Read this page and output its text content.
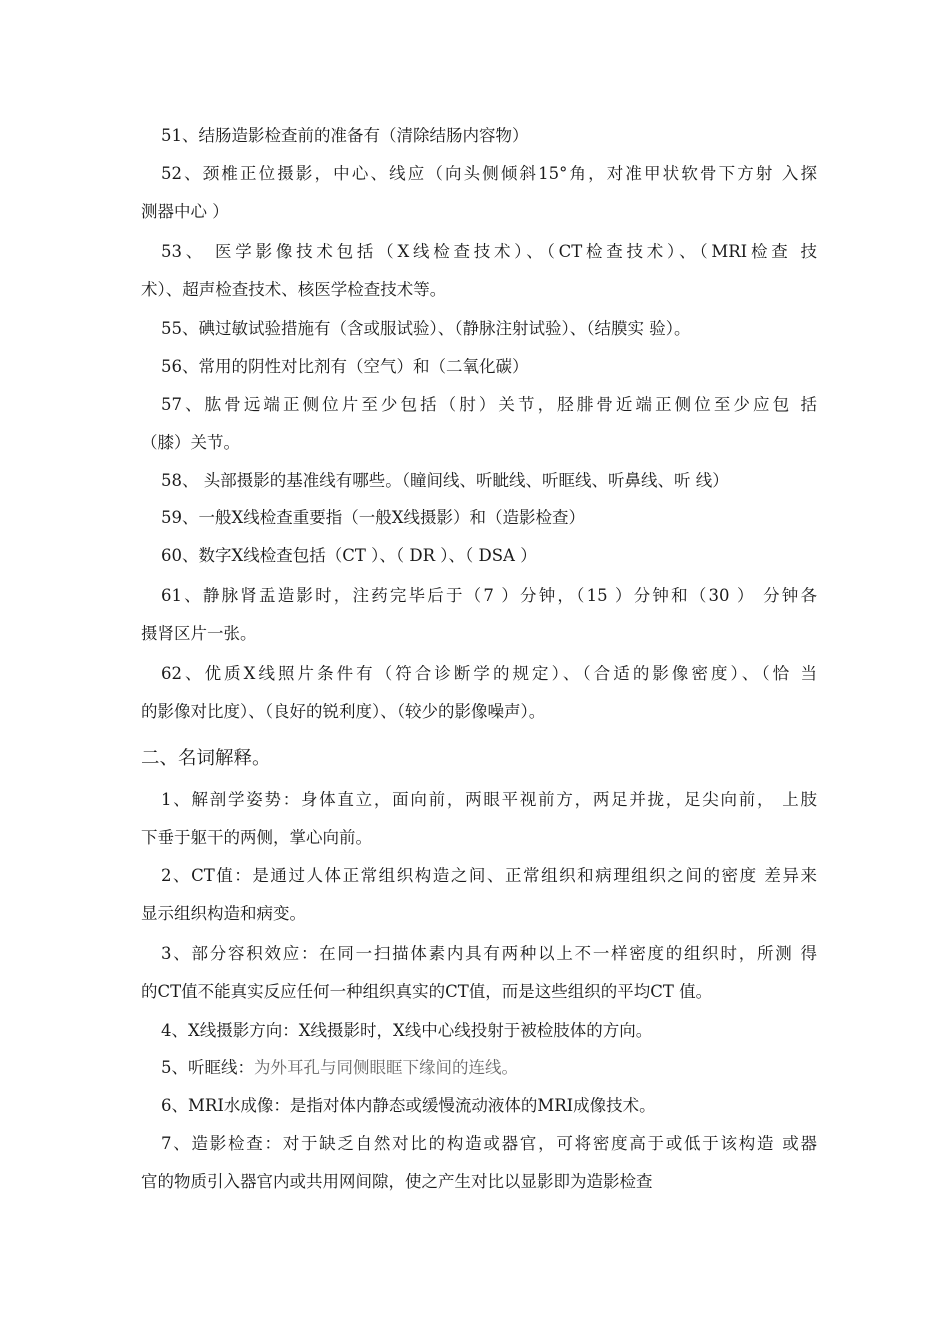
51、结肠造影检查前的准备有（清除结肠内容物）
52、颈椎正位摄影，中心、线应（向头侧倾斜15°角，对准甲状软骨下方射 入探
测器中心 ）
53、 医学影像技术包括（X线检查技术）、（CT检查技术）、（MRI检查 技
术）、超声检查技术、核医学检查技术等。
55、碘过敏试验措施有（含或服试验）、（静脉注射试验）、（结膜实 验）。
56、常用的阴性对比剂有（空气）和（二氧化碳）
57、肱骨远端正侧位片至少包括（肘）关节，胫腓骨近端正侧位至少应包 括
（膝）关节。
58、 头部摄影的基准线有哪些。（瞳间线、听眦线、听眶线、听鼻线、听 线）
59、一般X线检查重要指（一般X线摄影）和（造影检查）
60、数字X线检查包括（CT ）、（ DR ）、（ DSA ）
61、静脉肾盂造影时，注药完毕后于（7 ）分钟，（15 ）分钟和（30 ） 分钟各
摄肾区片一张。
62、优质X线照片条件有（符合诊断学的规定）、（合适的影像密度）、（恰 当
的影像对比度）、（良好的锐利度）、（较少的影像噪声）。
二、名词解释。
1、解剖学姿势：身体直立，面向前，两眼平视前方，两足并拢，足尖向前， 上肢
下垂于躯干的两侧，掌心向前。
2、CT值：是通过人体正常组织构造之间、正常组织和病理组织之间的密度 差异来
显示组织构造和病变。
3、部分容积效应：在同一扫描体素内具有两种以上不一样密度的组织时，所测 得
的CT值不能真实反应任何一种组织真实的CT值，而是这些组织的平均CT 值。
4、X线摄影方向：X线摄影时，X线中心线投射于被检肢体的方向。
5、听眶线：为外耳孔与同侧眼眶下缘间的连线。
6、MRI水成像：是指对体内静态或缓慢流动液体的MRI成像技术。
7、造影检查：对于缺乏自然对比的构造或器官，可将密度高于或低于该构造 或器
官的物质引入器官内或共用网间隙，使之产生对比以显影即为造影检查
